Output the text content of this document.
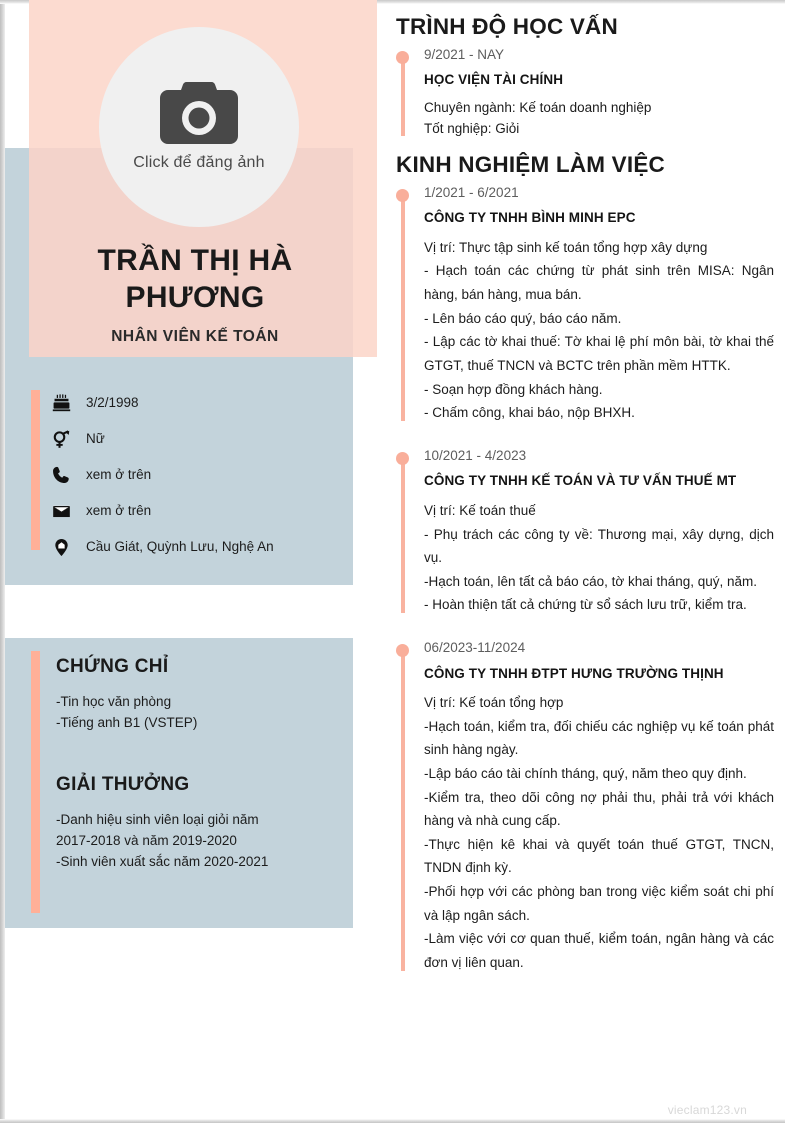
Click để đăng ảnh
TRẦN THỊ HÀ PHƯƠNG
NHÂN VIÊN KẾ TOÁN
3/2/1998
Nữ
xem ở trên
xem ở trên
Cầu Giát, Quỳnh Lưu, Nghệ An
CHỨNG CHỈ

-Tin học văn phòng

-Tiếng anh B1 (VSTEP)

GIẢI THƯỞNG

-Danh hiệu sinh viên loại giỏi năm

2017-2018 và năm 2019-2020

-Sinh viên xuất sắc năm 2020-2021

TRÌNH ĐỘ HỌC VẤN

9/2021 - NAY

HỌC VIỆN TÀI CHÍNH

Chuyên ngành: Kế toán doanh nghiệp
Tốt nghiệp: Giỏi

KINH NGHIỆM LÀM VIỆC

1/2021 - 6/2021

CÔNG TY TNHH BÌNH MINH EPC

Vị trí: Thực tập sinh kế toán tổng hợp xây dựng
- Hạch toán các chứng từ phát sinh trên MISA: Ngân hàng, bán hàng, mua bán.
- Lên báo cáo quý, báo cáo năm.
- Lập các tờ khai thuế: Tờ khai lệ phí môn bài, tờ khai thế GTGT, thuế TNCN và BCTC trên phần mềm HTTK.
- Soạn hợp đồng khách hàng.
- Chấm công, khai báo, nộp BHXH.

10/2021 - 4/2023

CÔNG TY TNHH KẾ TOÁN VÀ TƯ VẤN THUẾ MT

Vị trí: Kế toán thuế
- Phụ trách các công ty về: Thương mại, xây dựng, dịch vụ.
-Hạch toán, lên tất cả báo cáo, tờ khai tháng, quý, năm.
- Hoàn thiện tất cả chứng từ sổ sách lưu trữ, kiểm tra.

06/2023-11/2024

CÔNG TY TNHH ĐTPT HƯNG TRƯỜNG THỊNH

Vị trí: Kế toán tổng hợp
-Hạch toán, kiểm tra, đối chiếu các nghiệp vụ kế toán phát sinh hàng ngày.
-Lập báo cáo tài chính tháng, quý, năm theo quy định.
-Kiểm tra, theo dõi công nợ phải thu, phải trả với khách hàng và nhà cung cấp.
-Thực hiện kê khai và quyết toán thuế GTGT, TNCN, TNDN định kỳ.
-Phối hợp với các phòng ban trong việc kiểm soát chi phí và lập ngân sách.
-Làm việc với cơ quan thuế, kiểm toán, ngân hàng và các đơn vị liên quan.

vieclam123.vn
